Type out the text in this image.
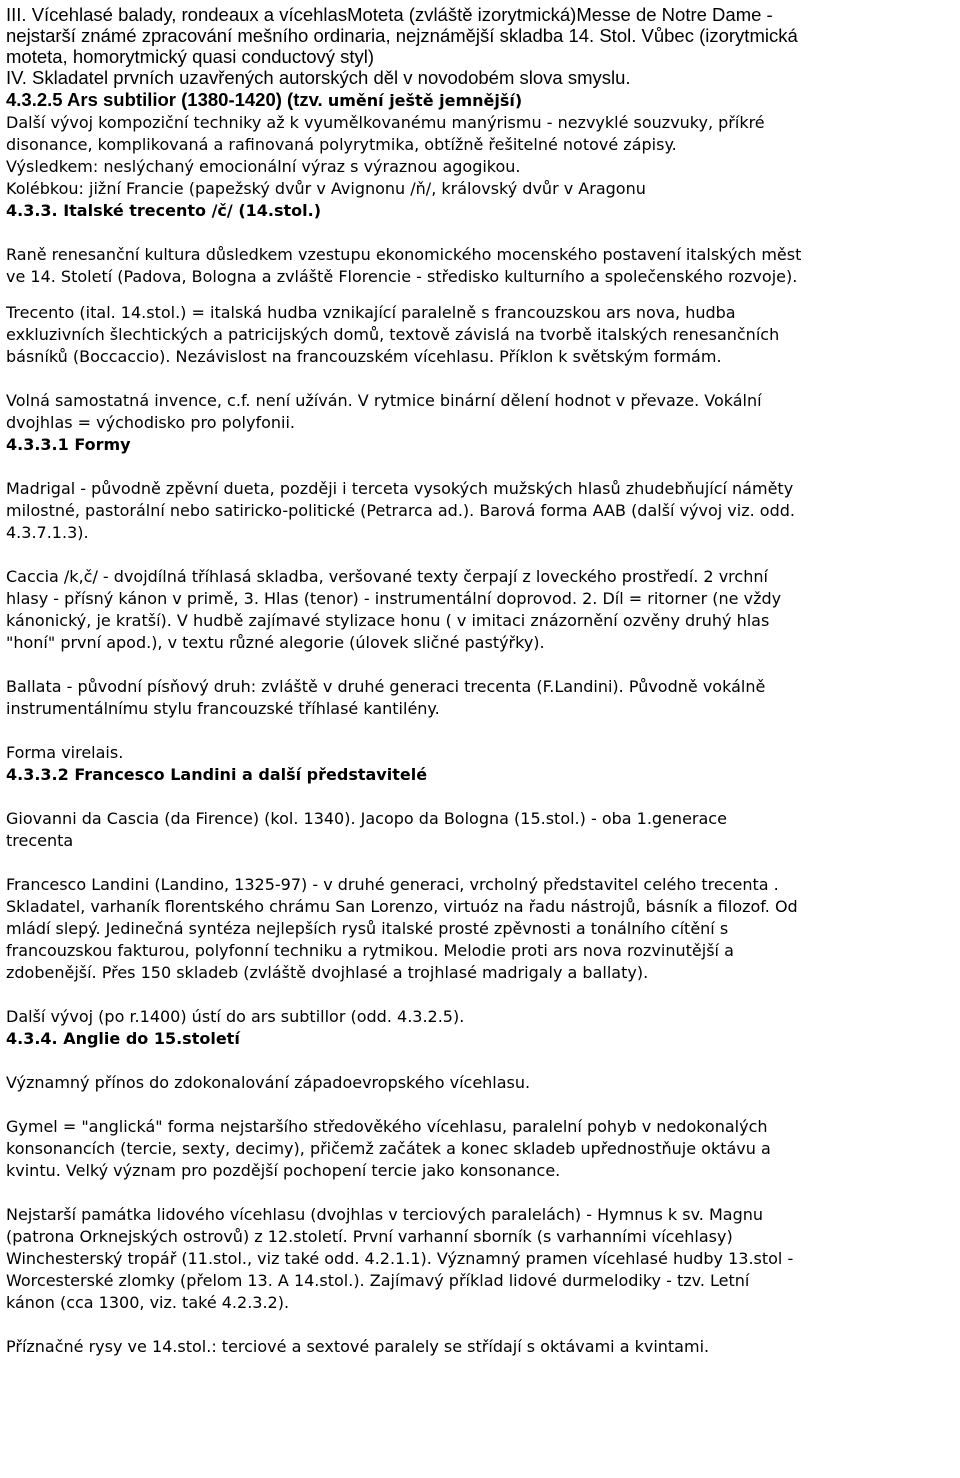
III. Vícehlasé balady, rondeaux a vícehlasMoteta (zvláště izorytmická)Messe de Notre Dame -

nejstarší známé zpracování mešního ordinaria, nejznámější skladba 14. Stol. Vůbec (izorytmická

moteta, homorytmický quasi conductový styl)

IV. Skladatel prvních uzavřených autorských děl v novodobém slova smyslu.

4.3.2.5 Ars subtilior (1380-1420) (tzv. umění ještě jemnější)

Další vývoj kompoziční techniky až k vyumělkovanému manýrismu - nezvyklé souzvuky, příkré

disonance, komplikovaná a rafinovaná polyrytmika, obtížně řešitelné notové zápisy.

Výsledkem: neslýchaný emocionální výraz s výraznou agogikou.

Kolébkou: jižní Francie (papežský dvůr v Avignonu /ň/, královský dvůr v Aragonu

4.3.3. Italské trecento /č/ (14.stol.)

Raně renesanční kultura důsledkem vzestupu ekonomického mocenského postavení italských měst

ve 14. Století (Padova, Bologna a zvláště Florencie - středisko kulturního a společenského rozvoje).

Trecento (ital. 14.stol.) = italská hudba vznikající paralelně s francouzskou ars nova, hudba

exkluzivních šlechtických a patricijských domů, textově závislá na tvorbě italských renesančních

básníků (Boccaccio). Nezávislost na francouzském vícehlasu. Příklon k světským formám.

Volná samostatná invence, c.f. není užíván. V rytmice binární dělení hodnot v převaze. Vokální

dvojhlas = východisko pro polyfonii.

4.3.3.1 Formy

Madrigal - původně zpěvní dueta, později i terceta vysokých mužských hlasů zhudebňující náměty

milostné, pastorální nebo satiricko-politické (Petrarca ad.). Barová forma AAB (další vývoj viz. odd.

4.3.7.1.3).

Caccia /k,č/ - dvojdílná tříhlasá skladba, veršované texty čerpají z loveckého prostředí. 2 vrchní

hlasy - přísný kánon v primě, 3. Hlas (tenor) - instrumentální doprovod. 2. Díl = ritorner (ne vždy

kánonický, je kratší). V hudbě zajímavé stylizace honu ( v imitaci znázornění ozvěny druhý hlas

"honí" první apod.), v textu různé alegorie (úlovek sličné pastýřky).

Ballata - původní písňový druh: zvláště v druhé generaci trecenta (F.Landini). Původně vokálně

instrumentálnímu stylu francouzské tříhlasé kantilény.

Forma virelais.

4.3.3.2 Francesco Landini a další představitelé

Giovanni da Cascia (da Firence) (kol. 1340). Jacopo da Bologna (15.stol.) - oba 1.generace

trecenta

Francesco Landini (Landino, 1325-97) - v druhé generaci, vrcholný představitel celého trecenta .

Skladatel, varhaník florentského chrámu San Lorenzo, virtuóz na řadu nástrojů, básník a filozof. Od

mládí slepý. Jedinečná syntéza nejlepších rysů italské prosté zpěvnosti a tonálního cítění s

francouzskou fakturou, polyfonní techniku a rytmikou. Melodie proti ars nova rozvinutější a

zdobenější. Přes 150 skladeb (zvláště dvojhlasé a trojhlasé madrigaly a ballaty).

Další vývoj (po r.1400) ústí do ars subtillor (odd. 4.3.2.5).

4.3.4. Anglie do 15.století

Významný přínos do zdokonalování západoevropského vícehlasu.

Gymel = "anglická" forma nejstaršího středověkého vícehlasu, paralelní pohyb v nedokonalých

konsonancích (tercie, sexty, decimy), přičemž začátek a konec skladeb upřednostňuje oktávu a

kvintu. Velký význam pro pozdější pochopení tercie jako konsonance.

Nejstarší památka lidového vícehlasu (dvojhlas v terciových paralelách) - Hymnus k sv. Magnu

(patrona Orknejských ostrovů) z 12.století. První varhanní sborník (s varhanními vícehlasy)

Winchesterský tropář (11.stol., viz také odd. 4.2.1.1). Významný pramen vícehlasé hudby 13.stol -

Worcesterské zlomky (přelom 13. A 14.stol.). Zajímavý příklad lidové durmelodiky - tzv. Letní

kánon (cca 1300, viz. také 4.2.3.2).

Příznačné rysy ve 14.stol.: terciové a sextové paralely se střídají s oktávami a kvintami.
